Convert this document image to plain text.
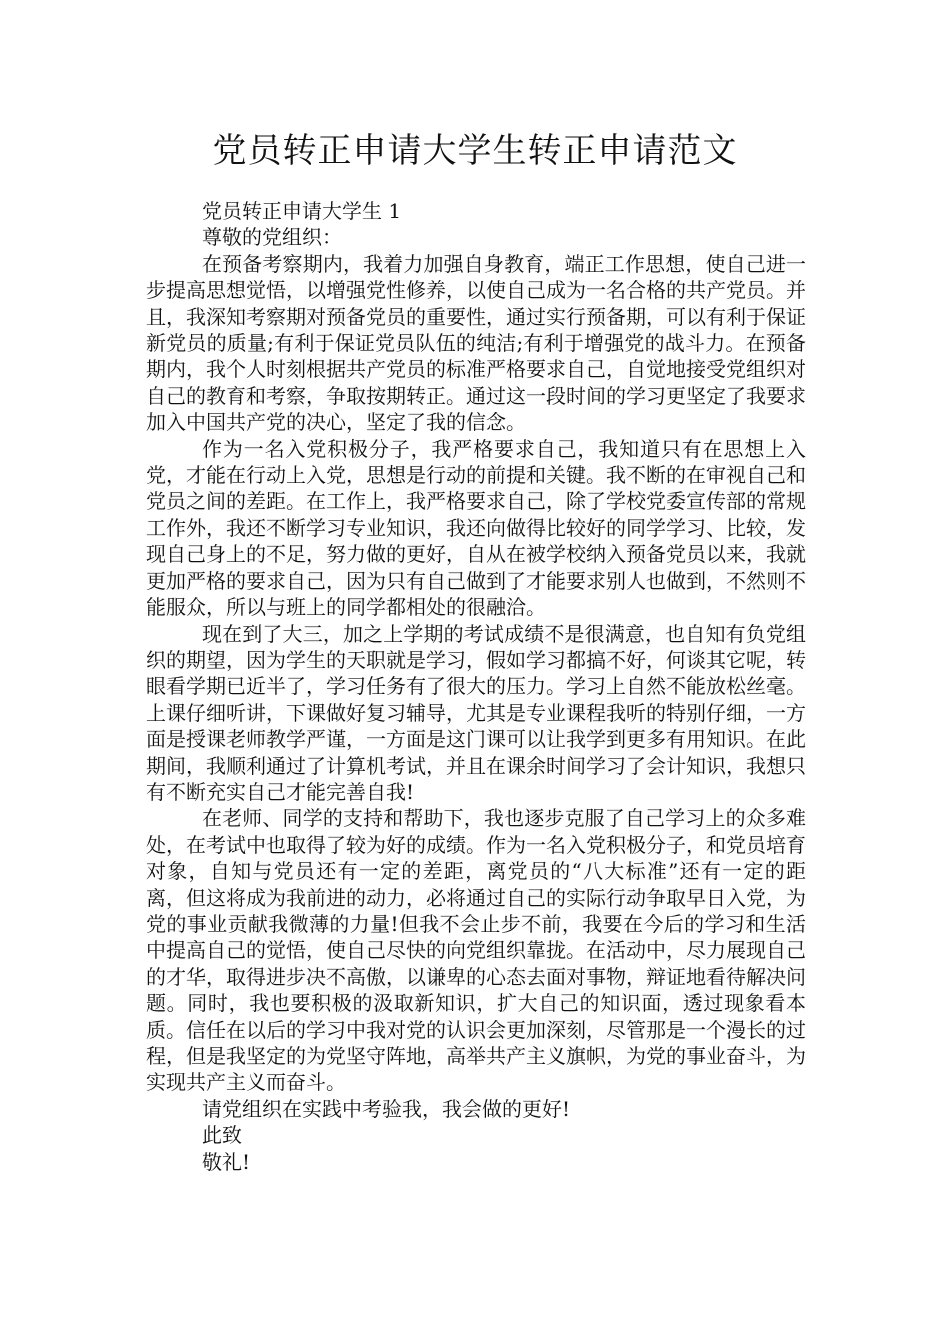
党员转正申请大学生转正申请范文

党员转正申请大学生 1

尊敬的党组织：

在预备考察期内，我着力加强自身教育，端正工作思想，使自己进一步提高思想觉悟，以增强党性修养，以使自己成为一名合格的共产党员。并且，我深知考察期对预备党员的重要性，通过实行预备期，可以有利于保证新党员的质量;有利于保证党员队伍的纯洁;有利于增强党的战斗力。在预备期内，我个人时刻根据共产党员的标准严格要求自己，自觉地接受党组织对自己的教育和考察，争取按期转正。通过这一段时间的学习更坚定了我要求加入中国共产党的决心，坚定了我的信念。

作为一名入党积极分子，我严格要求自己，我知道只有在思想上入党，才能在行动上入党，思想是行动的前提和关键。我不断的在审视自己和党员之间的差距。在工作上，我严格要求自己，除了学校党委宣传部的常规工作外，我还不断学习专业知识，我还向做得比较好的同学学习、比较，发现自己身上的不足，努力做的更好，自从在被学校纳入预备党员以来，我就更加严格的要求自己，因为只有自己做到了才能要求别人也做到，不然则不能服众，所以与班上的同学都相处的很融洽。

现在到了大三，加之上学期的考试成绩不是很满意，也自知有负党组织的期望，因为学生的天职就是学习，假如学习都搞不好，何谈其它呢，转眼看学期已近半了，学习任务有了很大的压力。学习上自然不能放松丝毫。上课仔细听讲，下课做好复习辅导，尤其是专业课程我听的特别仔细，一方面是授课老师教学严谨，一方面是这门课可以让我学到更多有用知识。在此期间，我顺利通过了计算机考试，并且在课余时间学习了会计知识，我想只有不断充实自己才能完善自我!

在老师、同学的支持和帮助下，我也逐步克服了自己学习上的众多难处，在考试中也取得了较为好的成绩。作为一名入党积极分子，和党员培育对象，自知与党员还有一定的差距，离党员的“八大标准”还有一定的距离，但这将成为我前进的动力，必将通过自己的实际行动争取早日入党，为党的事业贡献我微薄的力量!但我不会止步不前，我要在今后的学习和生活中提高自己的觉悟，使自己尽快的向党组织靠拢。在活动中，尽力展现自己的才华，取得进步决不高傲，以谦卑的心态去面对事物，辩证地看待解决问题。同时，我也要积极的汲取新知识，扩大自己的知识面，透过现象看本质。信任在以后的学习中我对党的认识会更加深刻，尽管那是一个漫长的过程，但是我坚定的为党坚守阵地，高举共产主义旗帜，为党的事业奋斗，为实现共产主义而奋斗。

请党组织在实践中考验我，我会做的更好!

此致

敬礼!
